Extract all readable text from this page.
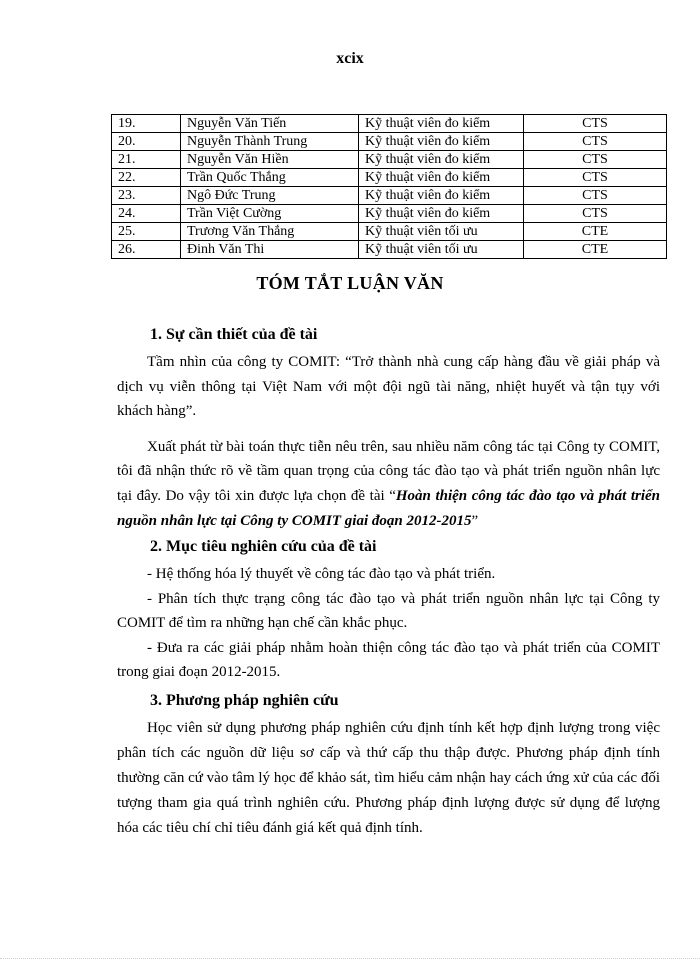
xcix
19.	Nguyễn Văn Tiến	Kỹ thuật viên đo kiểm	CTS
20.	Nguyễn Thành Trung	Kỹ thuật viên đo kiểm	CTS
21.	Nguyễn Văn Hiền	Kỹ thuật viên đo kiểm	CTS
22.	Trần Quốc Thắng	Kỹ thuật viên đo kiểm	CTS
23.	Ngô Đức Trung	Kỹ thuật viên đo kiểm	CTS
24.	Trần Việt Cường	Kỹ thuật viên đo kiểm	CTS
25.	Trương Văn Thắng	Kỹ thuật viên tối ưu	CTE
26.	Đinh Văn Thi	Kỹ thuật viên tối ưu	CTE
TÓM TẮT LUẬN VĂN
1. Sự cần thiết của đề tài

Tầm nhìn của công ty COMIT: “Trở thành nhà cung cấp hàng đầu về giải pháp và dịch vụ viễn thông tại Việt Nam với một đội ngũ tài năng, nhiệt huyết và tận tụy với khách hàng”.

Xuất phát từ bài toán thực tiễn nêu trên, sau nhiều năm công tác tại Công ty COMIT, tôi đã nhận thức rõ về tầm quan trọng của công tác đào tạo và phát triển nguồn nhân lực tại đây. Do vậy tôi xin được lựa chọn đề tài “Hoàn thiện công tác đào tạo và phát triển nguồn nhân lực tại Công ty COMIT giai đoạn 2012-2015”

2. Mục tiêu nghiên cứu của đề tài

- Hệ thống hóa lý thuyết về công tác đào tạo và phát triển.

- Phân tích thực trạng công tác đào tạo và phát triển nguồn nhân lực tại Công ty COMIT để tìm ra những hạn chế cần khắc phục.

- Đưa ra các giải pháp nhằm hoàn thiện công tác đào tạo và phát triển của COMIT trong giai đoạn 2012-2015.

3. Phương pháp nghiên cứu

Học viên sử dụng phương pháp nghiên cứu định tính kết hợp định lượng trong việc phân tích các nguồn dữ liệu sơ cấp và thứ cấp thu thập được. Phương pháp định tính thường căn cứ vào tâm lý học để khảo sát, tìm hiểu cảm nhận hay cách ứng xử của các đối tượng tham gia quá trình nghiên cứu. Phương pháp định lượng được sử dụng để lượng hóa các tiêu chí chỉ tiêu đánh giá kết quả định tính.
